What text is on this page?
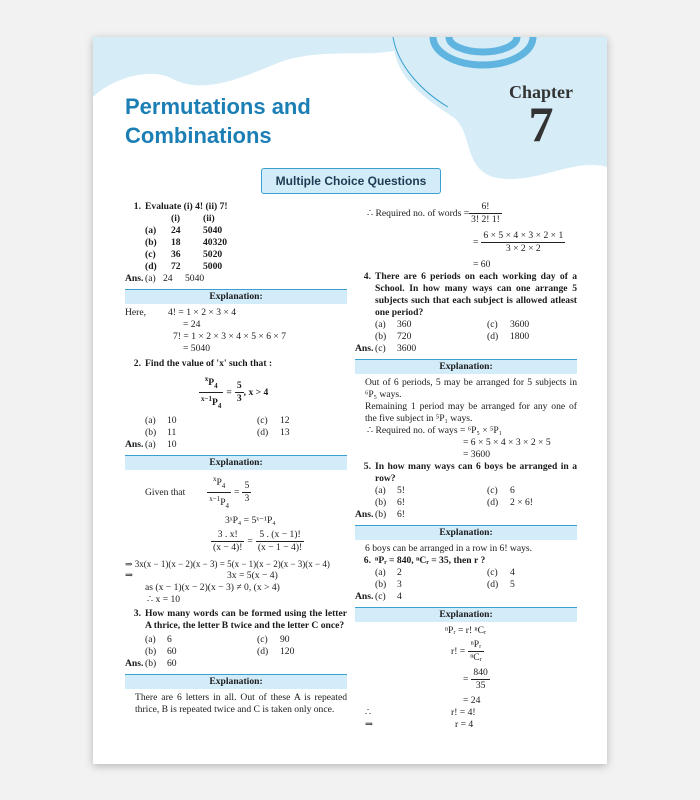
Permutations and
Combinations
Chapter
7
Multiple Choice Questions
1. Evaluate (i) 4! (ii) 7!
(i) (ii)
(a) 24 5040
(b) 18 40320
(c) 36 5020
(d) 72 5000
Ans. (a) 24 5040
Explanation:
Here, 4! = 1 × 2 × 3 × 4
= 24
7! = 1 × 2 × 3 × 4 × 5 × 6 × 7
= 5040
2. Find the value of 'x' such that :
$\frac{^xP_4}{^{x-1}P_4} = \frac{5}{3}$ , x > 4
(a) 10	(c) 12
(b) 11	(d) 13
Ans. (a) 10
Explanation:
Given that	$\frac{^xP_4}{^{x-1}P_4} = \frac{5}{3}$
3ˣP₄ = 5ˣ⁻¹P₄
$\frac{3 . x!}{(x - 4)!} = \frac{5 . (x - 1)!}{(x - 1 - 4)!}$
⇒ 3x(x − 1)(x − 2)(x − 3) = 5(x − 1)(x − 2)(x − 3)(x − 4)
⇒	3x = 5(x − 4)
as (x − 1)(x − 2)(x − 3) ≠ 0, (x > 4)
∴ x = 10
3. How many words can be formed using the letter A thrice, the letter B twice and the letter C once?
(a) 6	(c) 90
(b) 60	(d) 120
Ans. (b) 60
Explanation:
There are 6 letters in all. Out of these A is repeated thrice, B is repeated twice and C is taken only once.
∴ Required no. of words = $\frac{6!}{3! 2! 1!}$
= $\frac{6 \times 5 \times 4 \times 3 \times 2 \times 1}{3 \times 2 \times 2}$
= 60
4. There are 6 periods on each working day of a School. In how many ways can one arrange 5 subjects such that each subject is allowed atleast one period?
(a) 360	(c) 3600
(b) 720	(d) 1800
Ans. (c) 3600
Explanation:
Out of 6 periods, 5 may be arranged for 5 subjects in ⁶P₅ ways.
Remaining 1 period may be arranged for any one of the five subject in ⁵P₁ ways.
∴ Required no. of ways = ⁶P₅ × ⁵P₁
= 6 × 5 × 4 × 3 × 2 × 5
= 3600
5. In how many ways can 6 boys be arranged in a row?
(a) 5!	(c) 6
(b) 6!	(d) 2 × 6!
Ans. (b) 6!
Explanation:
6 boys can be arranged in a row in 6! ways.
6. ⁿPᵣ = 840, ⁿCᵣ = 35, then r ?
(a) 2	(c) 4
(b) 3	(d) 5
Ans. (c) 4
Explanation:
ⁿPᵣ = r! ⁿCᵣ
r! = $\frac{\text{ⁿPᵣ}}{\text{ⁿCᵣ}}$
= $\frac{840}{35}$
= 24
∴	r! = 4!
⇒	r = 4
